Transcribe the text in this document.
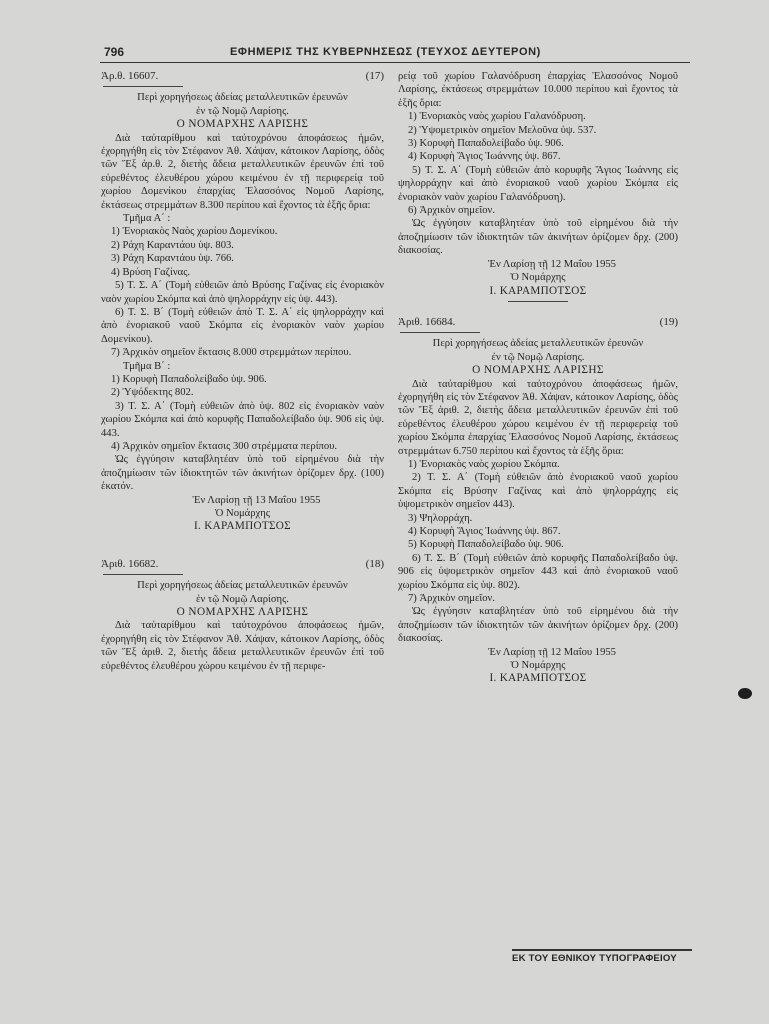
796	ΕΦΗΜΕΡΙΣ ΤΗΣ ΚΥΒΕΡΝΗΣΕΩΣ (ΤΕΥΧΟΣ ΔΕΥΤΕΡΟΝ)
Ἀρ.θ. 16607.	(17)

Περὶ χορηγήσεως ἀδείας μεταλλευτικῶν ἐρευνῶν

ἐν τῷ Νομῷ Λαρίσης.

Ο ΝΟΜΑΡΧΗΣ ΛΑΡΙΣΗΣ

Διὰ ταὐταρίθμου καὶ ταὐτοχρόνου ἀποφάσεως ἡμῶν, ἐχορηγήθη εἰς τὸν Στέφανον Ἀθ. Χάψαν, κάτοικον Λαρίσης, ὁδὸς τῶν Ἕξ ἀρ.θ. 2, διετὴς ἄδεια μεταλλευτικῶν ἐρευνῶν ἐπὶ τοῦ εὑρεθέντος ἐλευθέρου χώρου κειμένου ἐν τῇ περιφερείᾳ τοῦ χωρίου Δομενίκου ἐπαρχίας Ἐλασσόνος Νομοῦ Λαρίσης, ἐκτάσεως στρεμμάτων 8.300 περίπου καὶ ἔχοντος τὰ ἑξῆς ὅρια:

Τμῆμα Α΄ :

1) Ἐνοριακὸς Ναὸς χωρίου Δομενίκου.

2) Ράχη Καραντάου ὑψ. 803.

3) Ράχη Καραντάου ὑψ. 766.

4) Βρύση Γαζίνας.

5) Τ. Σ. Α΄ (Τομὴ εὐθειῶν ἀπὸ Βρύσης Γαζίνας εἰς ἐνοριακὸν ναὸν χωρίου Σκόμπα καὶ ἀπὸ ψηλορράχην εἰς ὑψ. 443).

6) Τ. Σ. Β΄ (Τομὴ εὐθειῶν ἀπὸ Τ. Σ. Α΄ εἰς ψηλορράχην καὶ ἀπὸ ἐνοριακοῦ ναοῦ Σκόμπα εἰς ἐνοριακὸν ναὸν χωρίου Δομενίκου).

7) Ἀρχικὸν σημεῖον ἔκτασις 8.000 στρεμμάτων περίπου.

Τμῆμα Β΄ :

1) Κορυφὴ Παπαδολείβαδο ὑψ. 906.

2) Ὑψόδεκτης 802.

3) Τ. Σ. Α΄ (Τομὴ εὐθειῶν ἀπὸ ὑψ. 802 εἰς ἐνοριακὸν ναὸν χωρίου Σκόμπα καὶ ἀπὸ κορυφῆς Παπαδολείβαδο ὑψ. 906 εἰς ὑψ. 443.

4) Ἀρχικὸν σημεῖον ἔκτασις 300 στρέμματα περίπου.

Ὡς ἐγγύησιν καταβλητέαν ὑπὸ τοῦ εἰρημένου διὰ τὴν ἀποζημίωσιν τῶν ἰδιοκτητῶν τῶν ἀκινήτων ὁρίζομεν δρχ. (100) ἑκατόν.

Ἐν Λαρίσῃ τῇ 13 Μαΐου 1955

Ὁ Νομάρχης

Ι. ΚΑΡΑΜΠΟΤΣΟΣ

Ἀριθ. 16682.	(18)

Περὶ χορηγήσεως ἀδείας μεταλλευτικῶν ἐρευνῶν

ἐν τῷ Νομῷ Λαρίσης.

Ο ΝΟΜΑΡΧΗΣ ΛΑΡΙΣΗΣ

Διὰ ταὐταρίθμου καὶ ταὐτοχρόνου ἀποφάσεως ἡμῶν, ἐχορηγήθη εἰς τὸν Στέφανον Ἀθ. Χάψαν, κάτοικον Λαρίσης, ὁδὸς τῶν Ἕξ ἀριθ. 2, διετὴς ἄδεια μεταλλευτικῶν ἐρευνῶν ἐπὶ τοῦ εὑρεθέντος ἐλευθέρου χώρου κειμένου ἐν τῇ περιφε-

ρείᾳ τοῦ χωρίου Γαλανόδρυση ἐπαρχίας Ἐλασσόνος Νομοῦ Λαρίσης, ἐκτάσεως στρεμμάτων 10.000 περίπου καὶ ἔχοντος τὰ ἑξῆς ὅρια:

1) Ἐνοριακὸς ναὸς χωρίου Γαλανόδρυση.

2) Ὑψομετρικὸν σημεῖον Μελοῦνα ὑψ. 537.

3) Κορυφὴ Παπαδολείβαδο ὑψ. 906.

4) Κορυφὴ Ἅγιος Ἰωάννης ὑψ. 867.

5) Τ. Σ. Α΄ (Τομὴ εὐθειῶν ἀπὸ κορυφῆς Ἅγιος Ἰωάννης εἰς ψηλορράχην καὶ ἀπὸ ἐνοριακοῦ ναοῦ χωρίου Σκόμπα εἰς ἐνοριακὸν ναὸν χωρίου Γαλανόδρυση).

6) Ἀρχικὸν σημεῖον.

Ὡς ἐγγύησιν καταβλητέαν ὑπὸ τοῦ εἰρημένου διὰ τὴν ἀποζημίωσιν τῶν ἰδιοκτητῶν τῶν ἀκινήτων ὁρίζομεν δρχ. (200) διακοσίας.

Ἐν Λαρίσῃ τῇ 12 Μαΐου 1955

Ὁ Νομάρχης

Ι. ΚΑΡΑΜΠΟΤΣΟΣ

Ἀριθ. 16684.	(19)

Περὶ χορηγήσεως ἀδείας μεταλλευτικῶν ἐρευνῶν

ἐν τῷ Νομῷ Λαρίσης.

Ο ΝΟΜΑΡΧΗΣ ΛΑΡΙΣΗΣ

Διὰ ταὐταρίθμου καὶ ταὐτοχρόνου ἀποφάσεως ἡμῶν, ἐχορηγήθη εἰς τὸν Στέφανον Ἀθ. Χάψαν, κάτοικον Λαρίσης, ὁδὸς τῶν Ἕξ ἀριθ. 2, διετὴς ἄδεια μεταλλευτικῶν ἐρευνῶν ἐπὶ τοῦ εὑρεθέντος ἐλευθέρου χώρου κειμένου ἐν τῇ περιφερείᾳ τοῦ χωρίου Σκόμπα ἐπαρχίας Ἐλασσόνος Νομοῦ Λαρίσης, ἐκτάσεως στρεμμάτων 6.750 περίπου καὶ ἔχοντος τὰ ἑξῆς ὅρια:

1) Ἐνοριακὸς ναὸς χωρίου Σκόμπα.

2) Τ. Σ. Α΄ (Τομὴ εὐθειῶν ἀπὸ ἐνοριακοῦ ναοῦ χωρίου Σκόμπα εἰς Βρύσην Γαζίνας καὶ ἀπὸ ψηλορράχης εἰς ὑψομετρικὸν σημεῖον 443).

3) Ψηλορράχη.

4) Κορυφὴ Ἅγιος Ἰωάννης ὑψ. 867.

5) Κορυφὴ Παπαδολείβαδο ὑψ. 906.

6) Τ. Σ. Β΄ (Τομὴ εὐθειῶν ἀπὸ κορυφῆς Παπαδολείβαδο ὑψ. 906 εἰς ὑψομετρικὸν σημεῖον 443 καὶ ἀπὸ ἐνοριακοῦ ναοῦ χωρίου Σκόμπα εἰς ὑψ. 802).

7) Ἀρχικὸν σημεῖον.

Ὡς ἐγγύησιν καταβλητέαν ὑπὸ τοῦ εἰρημένου διὰ τὴν ἀποζημίωσιν τῶν ἰδιοκτητῶν τῶν ἀκινήτων ὁρίζομεν δρχ. (200) διακοσίας.

Ἐν Λαρίσῃ τῇ 12 Μαΐου 1955

Ὁ Νομάρχης

Ι. ΚΑΡΑΜΠΟΤΣΟΣ

ΕΚ ΤΟΥ ΕΘΝΙΚΟΥ ΤΥΠΟΓΡΑΦΕΙΟΥ
